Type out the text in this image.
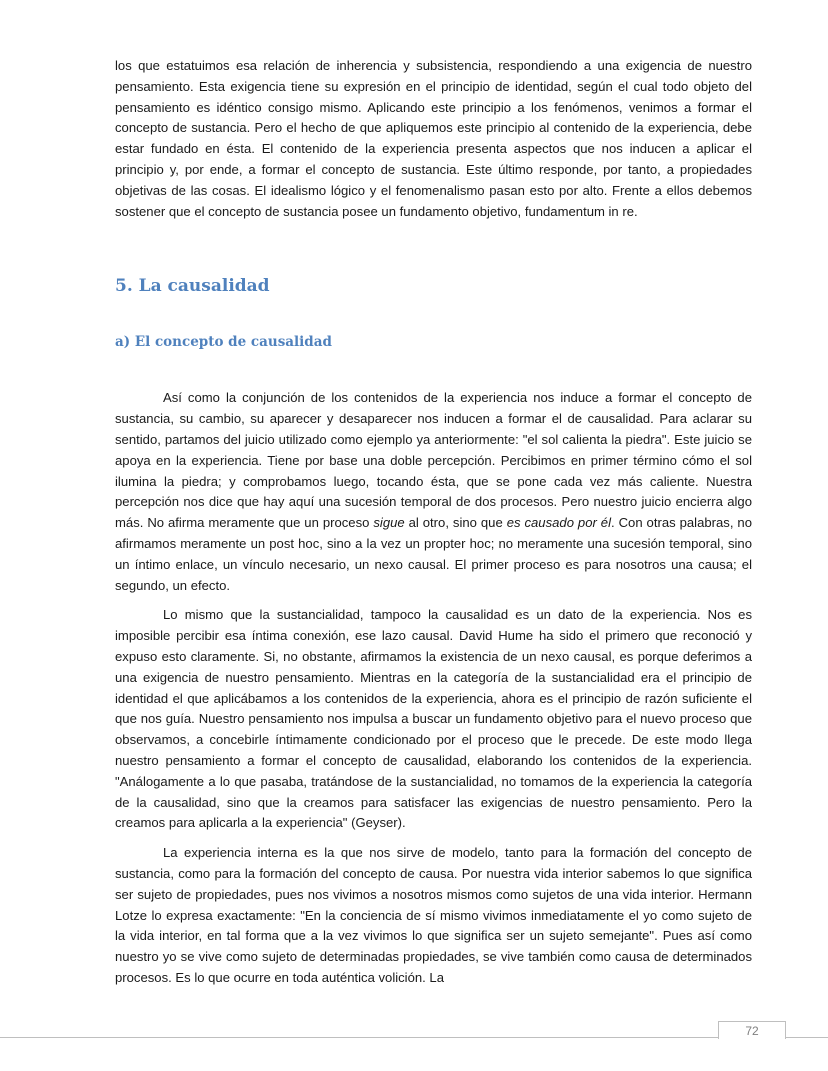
los que estatuimos esa relación de inherencia y subsistencia, respondiendo a una exigencia de nuestro pensamiento. Esta exigencia tiene su expresión en el principio de identidad, según el cual todo objeto del pensamiento es idéntico consigo mismo. Aplicando este principio a los fenómenos, venimos a formar el concepto de sustancia. Pero el hecho de que apliquemos este principio al contenido de la experiencia, debe estar fundado en ésta. El contenido de la experiencia presenta aspectos que nos inducen a aplicar el principio y, por ende, a formar el concepto de sustancia. Este último responde, por tanto, a propiedades objetivas de las cosas. El idealismo lógico y el fenomenalismo pasan esto por alto. Frente a ellos debemos sostener que el concepto de sustancia posee un fundamento objetivo, fundamentum in re.

5. La causalidad
a) El concepto de causalidad

Así como la conjunción de los contenidos de la experiencia nos induce a formar el concepto de sustancia, su cambio, su aparecer y desaparecer nos inducen a formar el de causalidad. Para aclarar su sentido, partamos del juicio utilizado como ejemplo ya anteriormente: "el sol calienta la piedra". Este juicio se apoya en la experiencia. Tiene por base una doble percepción. Percibimos en primer término cómo el sol ilumina la piedra; y comprobamos luego, tocando ésta, que se pone cada vez más caliente. Nuestra percepción nos dice que hay aquí una sucesión temporal de dos procesos. Pero nuestro juicio encierra algo más. No afirma meramente que un proceso sigue al otro, sino que es causado por él. Con otras palabras, no afirmamos meramente un post hoc, sino a la vez un propter hoc; no meramente una sucesión temporal, sino un íntimo enlace, un vínculo necesario, un nexo causal. El primer proceso es para nosotros una causa; el segundo, un efecto.

Lo mismo que la sustancialidad, tampoco la causalidad es un dato de la experiencia. Nos es imposible percibir esa íntima conexión, ese lazo causal. David Hume ha sido el primero que reconoció y expuso esto claramente. Si, no obstante, afirmamos la existencia de un nexo causal, es porque deferimos a una exigencia de nuestro pensamiento. Mientras en la categoría de la sustancialidad era el principio de identidad el que aplicábamos a los contenidos de la experiencia, ahora es el principio de razón suficiente el que nos guía. Nuestro pensamiento nos impulsa a buscar un fundamento objetivo para el nuevo proceso que observamos, a concebirle íntimamente condicionado por el proceso que le precede. De este modo llega nuestro pensamiento a formar el concepto de causalidad, elaborando los contenidos de la experiencia. "Análogamente a lo que pasaba, tratándose de la sustancialidad, no tomamos de la experiencia la categoría de la causalidad, sino que la creamos para satisfacer las exigencias de nuestro pensamiento. Pero la creamos para aplicarla a la experiencia" (Geyser).

La experiencia interna es la que nos sirve de modelo, tanto para la formación del concepto de sustancia, como para la formación del concepto de causa. Por nuestra vida interior sabemos lo que significa ser sujeto de propiedades, pues nos vivimos a nosotros mismos como sujetos de una vida interior. Hermann Lotze lo expresa exactamente: "En la conciencia de sí mismo vivimos inmediatamente el yo como sujeto de la vida interior, en tal forma que a la vez vivimos lo que significa ser un sujeto semejante". Pues así como nuestro yo se vive como sujeto de determinadas propiedades, se vive también como causa de determinados procesos. Es lo que ocurre en toda auténtica volición. La

72
